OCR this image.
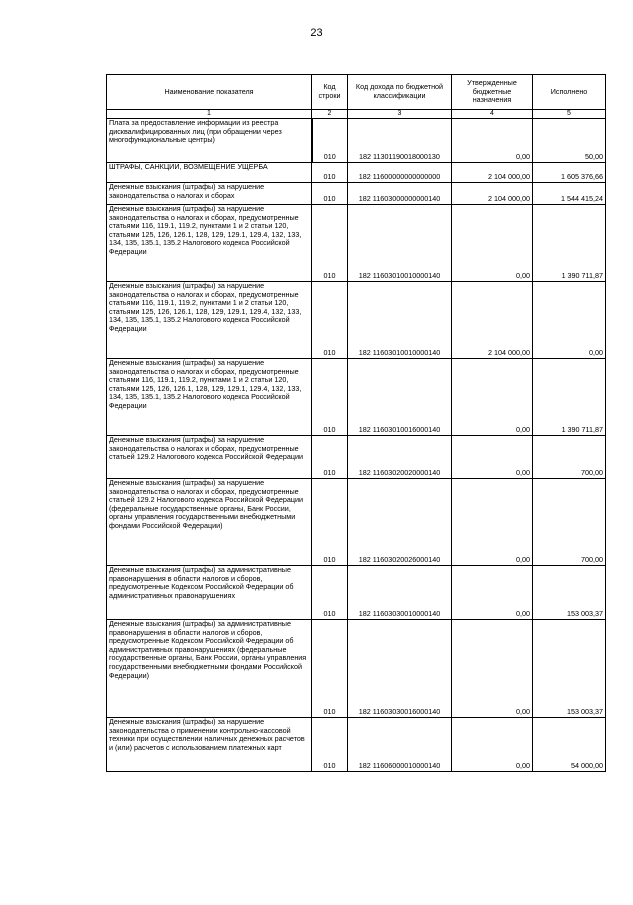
23
Наименование показателя	Код строки	Код дохода по бюджетной классификации	Утвержденные бюджетные назначения	Исполнено
1	2	3	4	5
Плата за предоставление информации из реестра дисквалифицированных лиц (при обращении через многофункциональные центры)	010	182 11301190018000130	0,00	50,00
ШТРАФЫ, САНКЦИИ, ВОЗМЕЩЕНИЕ УЩЕРБА	010	182 11600000000000000	2 104 000,00	1 605 376,66
Денежные взыскания (штрафы) за нарушение законодательства о налогах и сборах	010	182 11603000000000140	2 104 000,00	1 544 415,24
Денежные взыскания (штрафы) за нарушение законодательства о налогах и сборах, предусмотренные статьями 116, 119.1, 119.2, пунктами 1 и 2 статьи 120, статьями 125, 126, 126.1, 128, 129, 129.1, 129.4, 132, 133, 134, 135, 135.1, 135.2 Налогового кодекса Российской Федерации	010	182 11603010010000140	0,00	1 390 711,87
Денежные взыскания (штрафы) за нарушение законодательства о налогах и сборах, предусмотренные статьями 116, 119.1, 119.2, пунктами 1 и 2 статьи 120, статьями 125, 126, 126.1, 128, 129, 129.1, 129.4, 132, 133, 134, 135, 135.1, 135.2 Налогового кодекса Российской Федерации	010	182 11603010010000140	2 104 000,00	0,00
Денежные взыскания (штрафы) за нарушение законодательства о налогах и сборах, предусмотренные статьями 116, 119.1, 119.2, пунктами 1 и 2 статьи 120, статьями 125, 126, 126.1, 128, 129, 129.1, 129.4, 132, 133, 134, 135, 135.1, 135.2 Налогового кодекса Российской Федерации	010	182 11603010016000140	0,00	1 390 711,87
Денежные взыскания (штрафы) за нарушение законодательства о налогах и сборах, предусмотренные статьей 129.2 Налогового кодекса Российской Федерации	010	182 11603020020000140	0,00	700,00
Денежные взыскания (штрафы) за нарушение законодательства о налогах и сборах, предусмотренные статьей 129.2 Налогового кодекса Российской Федерации (федеральные государственные органы, Банк России, органы управления государственными внебюджетными фондами Российской Федерации)	010	182 11603020026000140	0,00	700,00
Денежные взыскания (штрафы) за административные правонарушения в области налогов и сборов, предусмотренные Кодексом Российской Федерации об административных правонарушениях	010	182 11603030010000140	0,00	153 003,37
Денежные взыскания (штрафы) за административные правонарушения в области налогов и сборов, предусмотренные Кодексом Российской Федерации об административных правонарушениях (федеральные государственные органы, Банк России, органы управления государственными внебюджетными фондами Российской Федерации)	010	182 11603030016000140	0,00	153 003,37
Денежные взыскания (штрафы) за нарушение законодательства о применении контрольно-кассовой техники при осуществлении наличных денежных расчетов и (или) расчетов с использованием платежных карт	010	182 11606000010000140	0,00	54 000,00
